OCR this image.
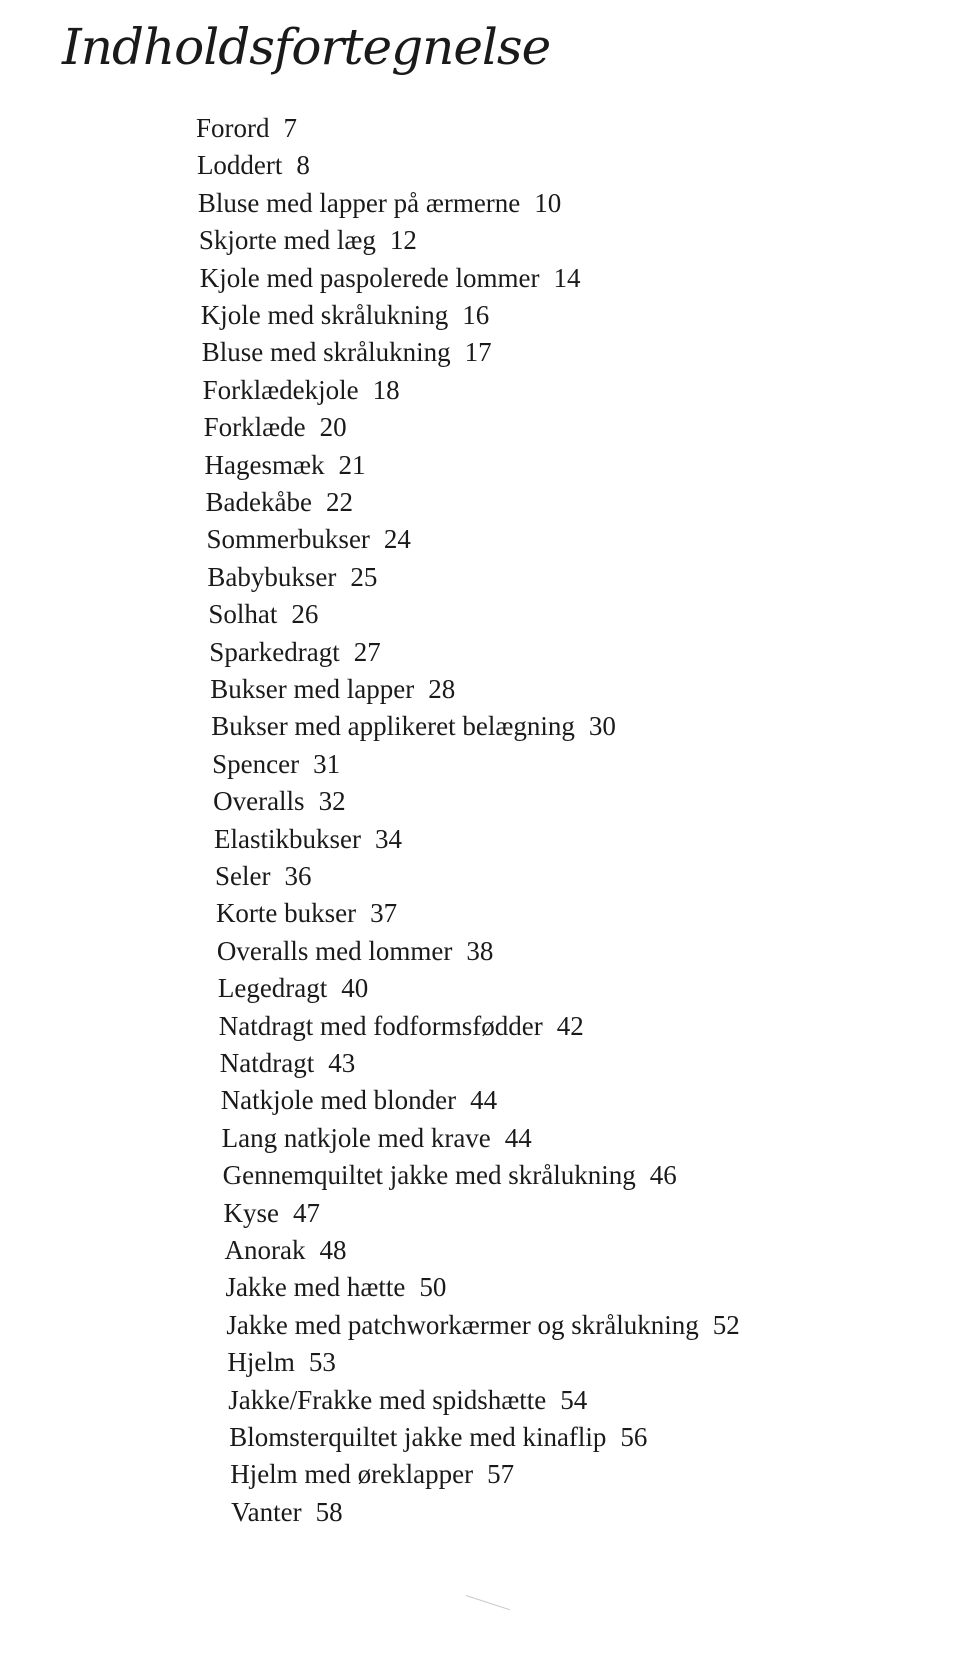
Indholdsfortegnelse
Forord 7
Loddert 8
Bluse med lapper på ærmerne 10
Skjorte med læg 12
Kjole med paspolerede lommer 14
Kjole med skrålukning 16
Bluse med skrålukning 17
Forklædekjole 18
Forklæde 20
Hagesmæk 21
Badekåbe 22
Sommerbukser 24
Babybukser 25
Solhat 26
Sparkedragt 27
Bukser med lapper 28
Bukser med applikeret belægning 30
Spencer 31
Overalls 32
Elastikbukser 34
Seler 36
Korte bukser 37
Overalls med lommer 38
Legedragt 40
Natdragt med fodformsfødder 42
Natdragt 43
Natkjole med blonder 44
Lang natkjole med krave 44
Gennemquiltet jakke med skrålukning 46
Kyse 47
Anorak 48
Jakke med hætte 50
Jakke med patchworkærmer og skrålukning 52
Hjelm 53
Jakke/Frakke med spidshætte 54
Blomsterquiltet jakke med kinaflip 56
Hjelm med øreklapper 57
Vanter 58
